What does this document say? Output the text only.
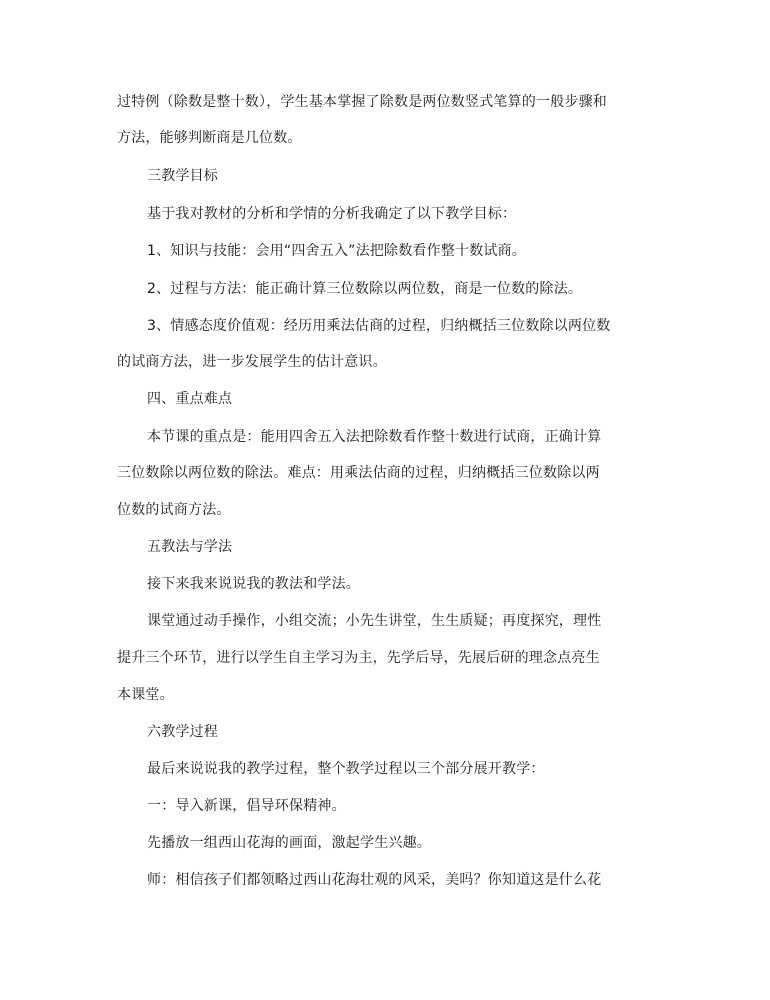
过特例（除数是整十数），学生基本掌握了除数是两位数竖式笔算的一般步骤和
方法，能够判断商是几位数。
三教学目标
基于我对教材的分析和学情的分析我确定了以下教学目标：
1、知识与技能：会用“四舍五入”法把除数看作整十数试商。
2、过程与方法：能正确计算三位数除以两位数，商是一位数的除法。
3、情感态度价值观：经历用乘法估商的过程，归纳概括三位数除以两位数
的试商方法，进一步发展学生的估计意识。
四、重点难点
本节课的重点是：能用四舍五入法把除数看作整十数进行试商，正确计算
三位数除以两位数的除法。难点：用乘法估商的过程，归纳概括三位数除以两
位数的试商方法。
五教法与学法
接下来我来说说我的教法和学法。
课堂通过动手操作，小组交流；小先生讲堂，生生质疑；再度探究，理性
提升三个环节，进行以学生自主学习为主，先学后导，先展后研的理念点亮生
本课堂。
六教学过程
最后来说说我的教学过程，整个教学过程以三个部分展开教学：
一：导入新课，倡导环保精神。
先播放一组西山花海的画面，激起学生兴趣。
师：相信孩子们都领略过西山花海壮观的风采，美吗？你知道这是什么花
